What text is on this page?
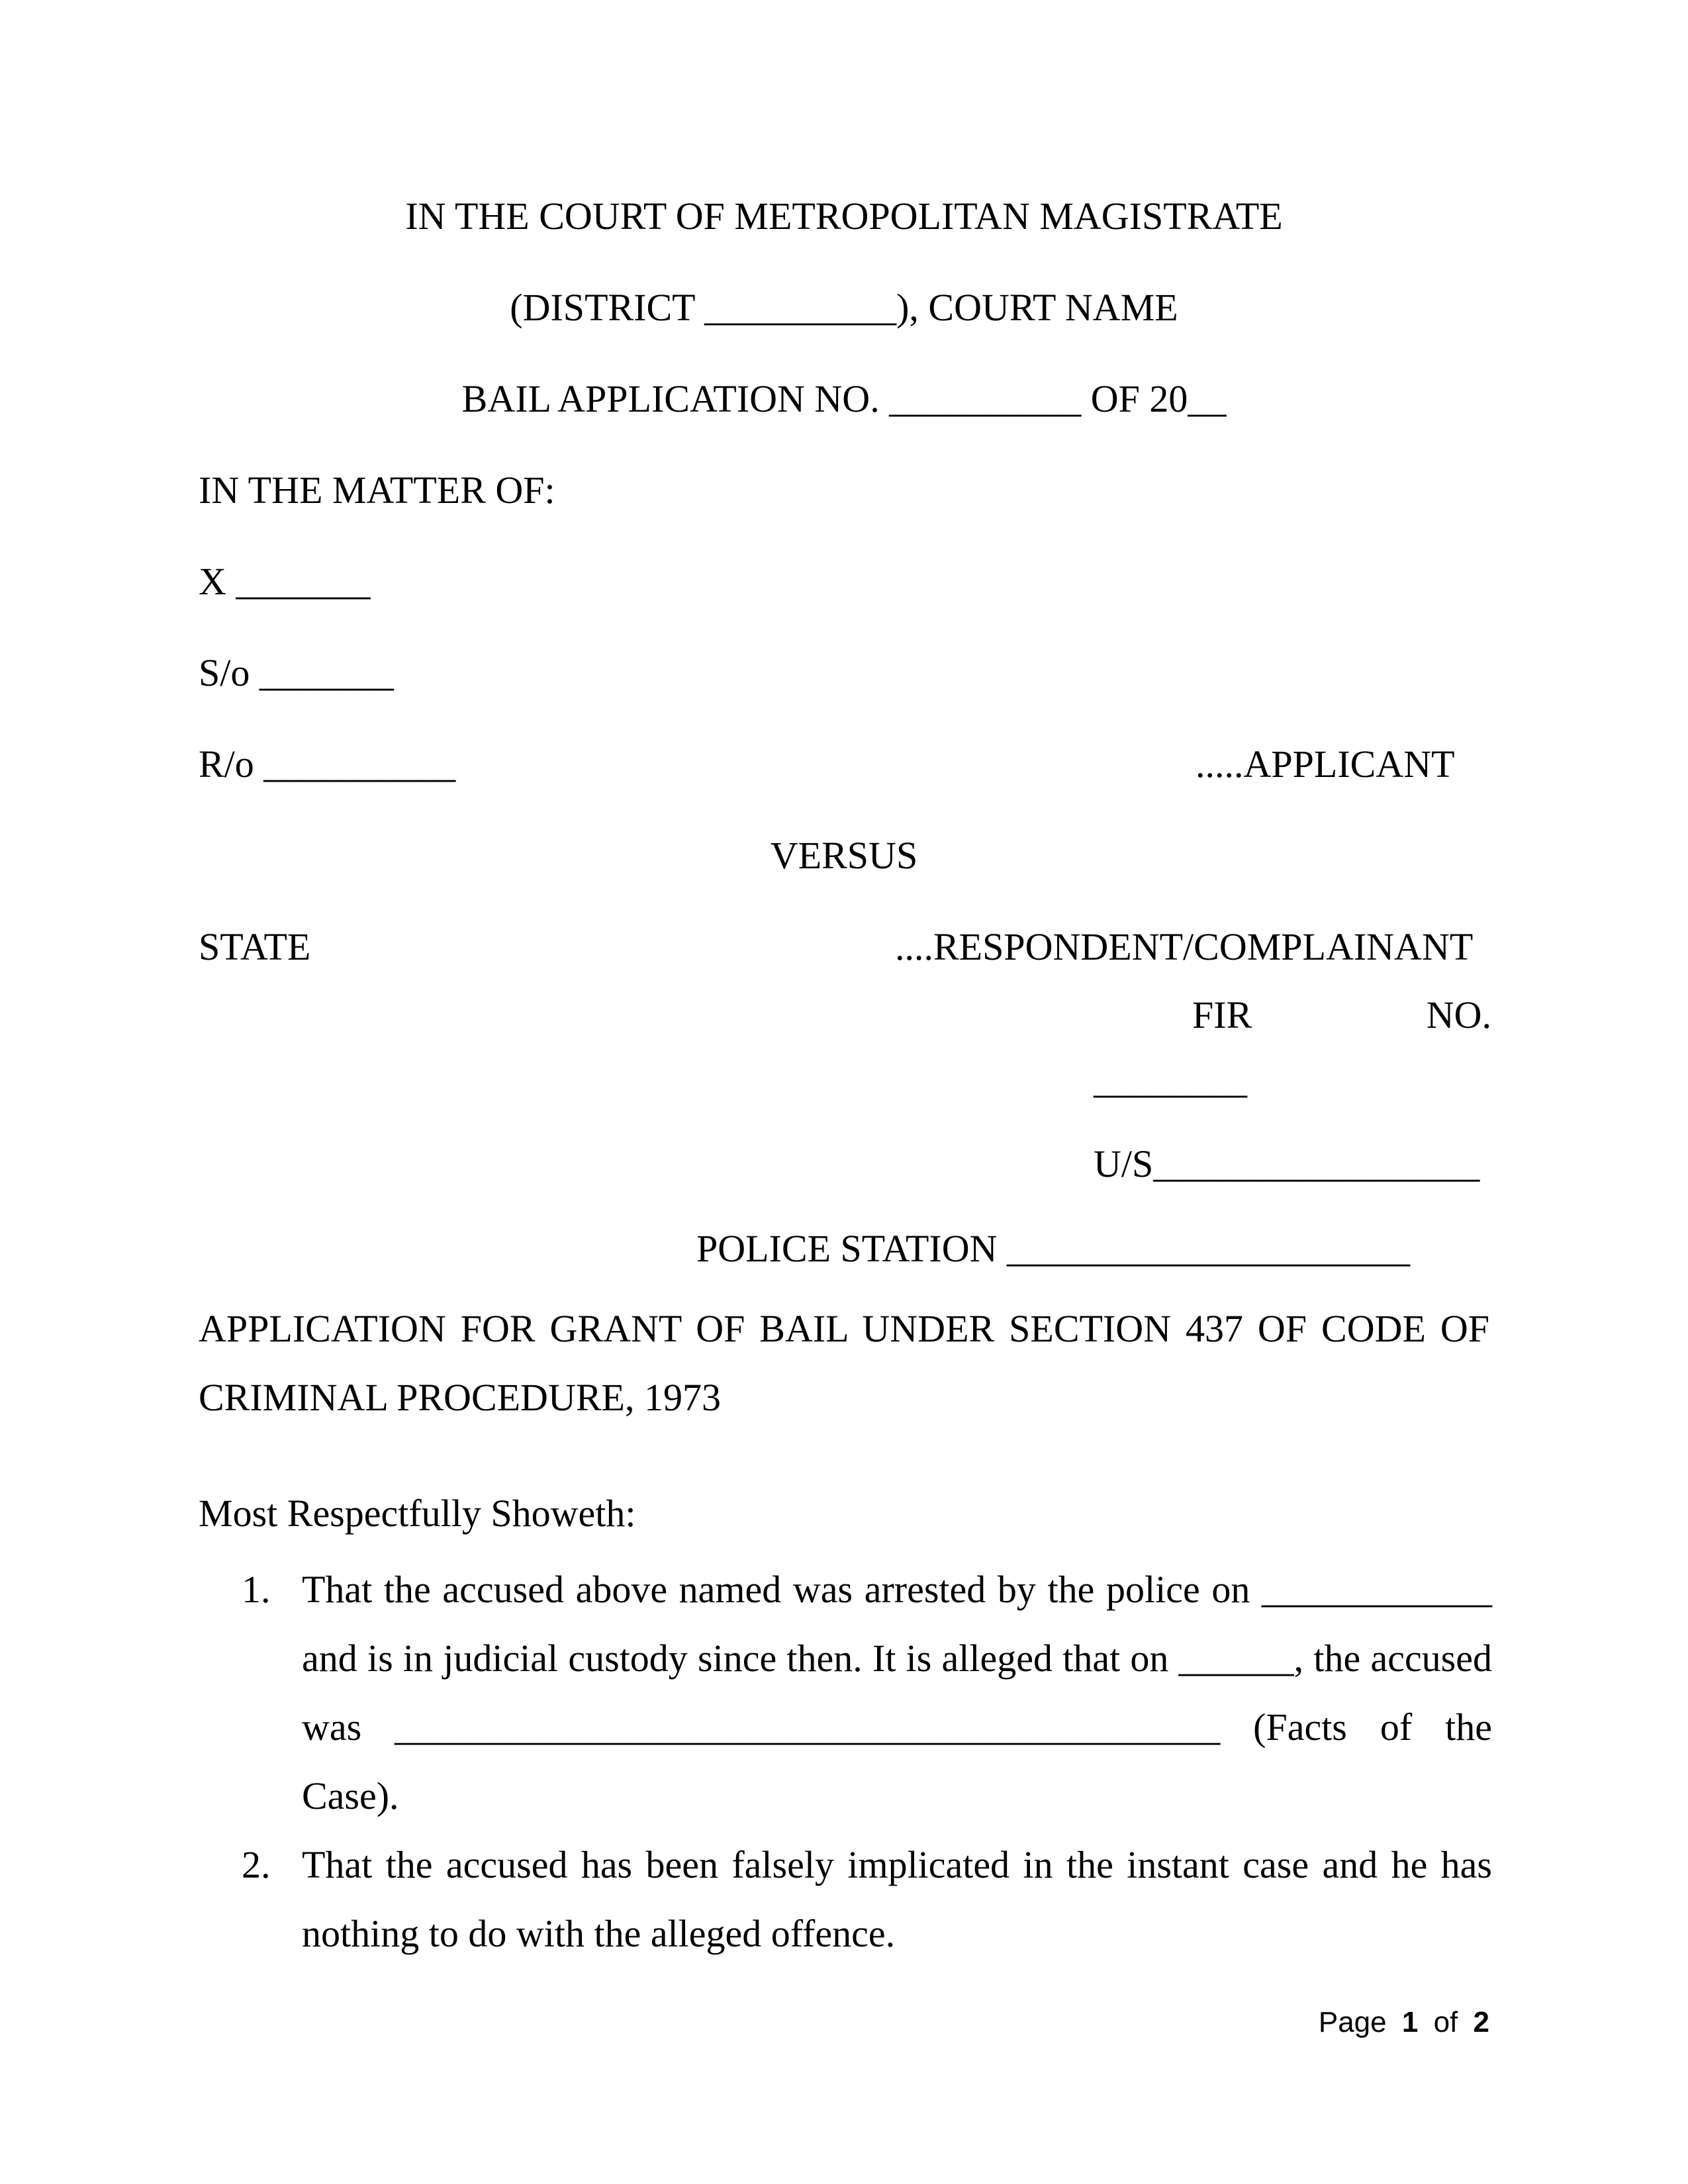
IN THE COURT OF METROPOLITAN MAGISTRATE
(DISTRICT __________), COURT NAME
BAIL APPLICATION NO. __________ OF 20__
IN THE MATTER OF:
X _______
S/o _______
R/o __________	.....APPLICANT
VERSUS
STATE	....RESPONDENT/COMPLAINANT
FIR	NO.
________
U/S_________________
POLICE STATION _____________________
APPLICATION FOR GRANT OF BAIL UNDER SECTION 437 OF CODE OF
CRIMINAL PROCEDURE, 1973
Most Respectfully Showeth:
1. That the accused above named was arrested by the police on ____________
and is in judicial custody since then. It is alleged that on ______, the accused
was ___________________________________________ (Facts of the
Case).
2. That the accused has been falsely implicated in the instant case and he has
nothing to do with the alleged offence.
Page 1 of 2
